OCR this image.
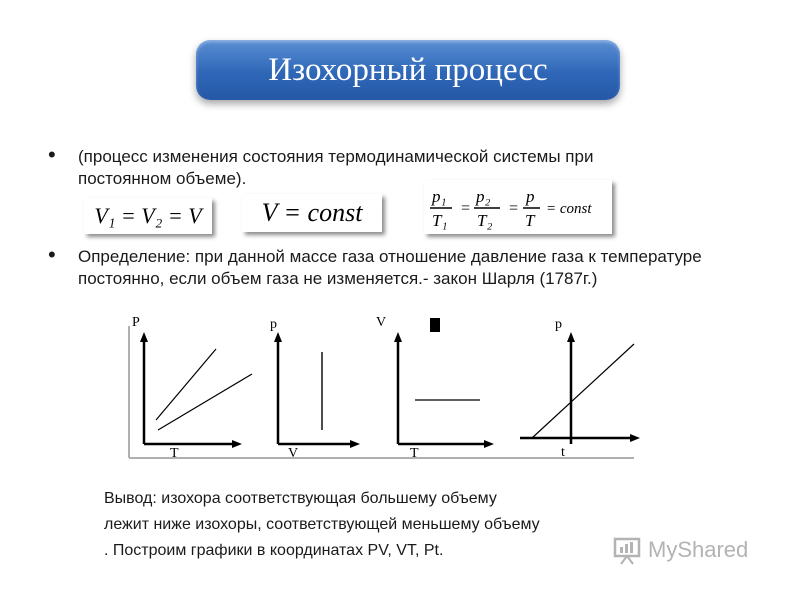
Изохорный процесс
• (процесс изменения состояния термодинамической системы при постоянном объеме).
V₁ = V₂ = V V = const
p₁
T₁
=
p₂
T₂
=
p
T
= const
• Определение: при данной массе газа отношение давление газа к температуре постоянно, если объем газа не изменяется.- закон Шарля (1787г.)
P
T
p
V
V
T
p
t
Вывод: изохора соответствующая большему объему
лежит ниже изохоры, соответствующей меньшему объему
. Построим графики в координатах PV, VT, Pt.	MyShared
